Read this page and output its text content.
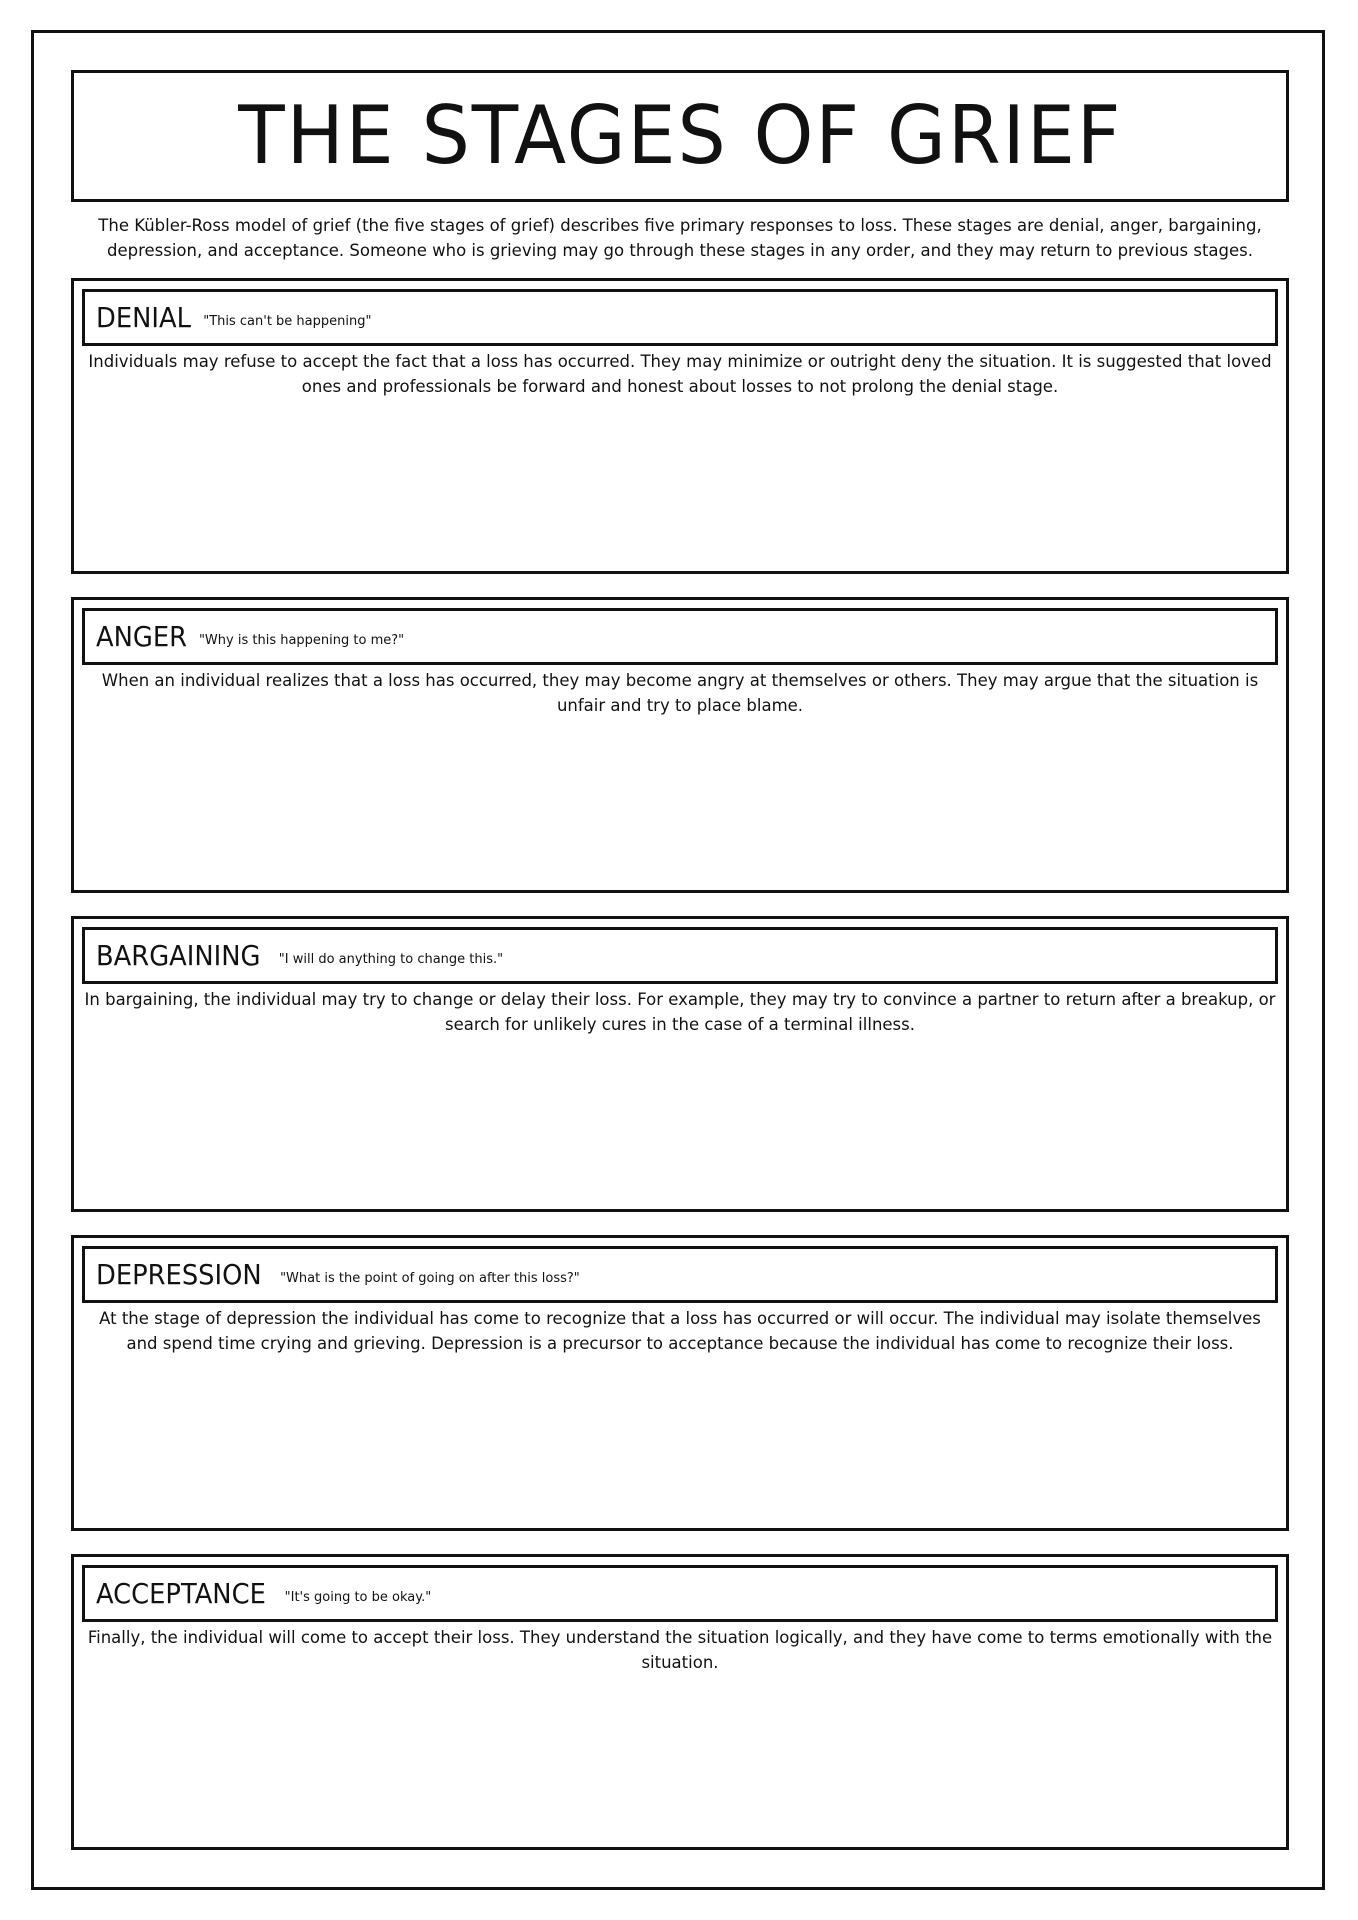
THE STAGES OF GRIEF

The Kübler-Ross model of grief (the five stages of grief) describes five primary responses to loss. These stages are denial, anger, bargaining, depression, and acceptance. Someone who is grieving may go through these stages in any order, and they may return to previous stages.

DENIAL "This can't be happening"

Individuals may refuse to accept the fact that a loss has occurred. They may minimize or outright deny the situation. It is suggested that loved ones and professionals be forward and honest about losses to not prolong the denial stage.

ANGER "Why is this happening to me?"

When an individual realizes that a loss has occurred, they may become angry at themselves or others. They may argue that the situation is unfair and try to place blame.

BARGAINING "I will do anything to change this."

In bargaining, the individual may try to change or delay their loss. For example, they may try to convince a partner to return after a breakup, or search for unlikely cures in the case of a terminal illness.

DEPRESSION "What is the point of going on after this loss?"

At the stage of depression the individual has come to recognize that a loss has occurred or will occur. The individual may isolate themselves and spend time crying and grieving. Depression is a precursor to acceptance because the individual has come to recognize their loss.

ACCEPTANCE "It's going to be okay."

Finally, the individual will come to accept their loss. They understand the situation logically, and they have come to terms emotionally with the situation.
